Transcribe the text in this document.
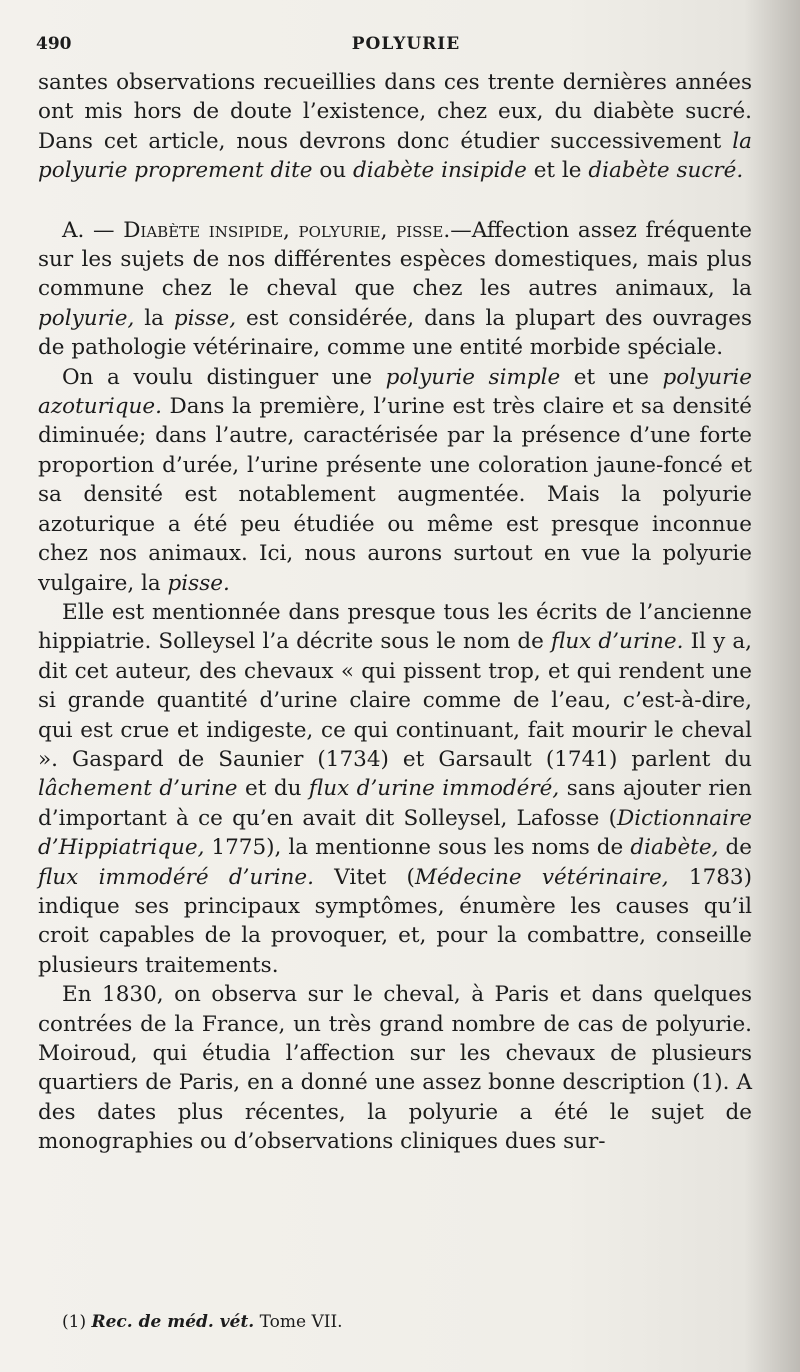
490	POLYURIE

santes observations recueillies dans ces trente dernières années ont mis hors de doute l’existence, chez eux, du diabète sucré. Dans cet article, nous devrons donc étudier successivement la polyurie proprement dite ou diabète insipide et le diabète sucré.

A. — Diabète insipide, polyurie, pisse.—Affection assez fréquente sur les sujets de nos différentes espèces domestiques, mais plus commune chez le cheval que chez les autres animaux, la polyurie, la pisse, est considérée, dans la plupart des ouvrages de pathologie vétérinaire, comme une entité morbide spéciale.

On a voulu distinguer une polyurie simple et une polyurie azoturique. Dans la première, l’urine est très claire et sa densité diminuée; dans l’autre, caractérisée par la présence d’une forte proportion d’urée, l’urine présente une coloration jaune-foncé et sa densité est notablement augmentée. Mais la polyurie azoturique a été peu étudiée ou même est presque inconnue chez nos animaux. Ici, nous aurons surtout en vue la polyurie vulgaire, la pisse.

Elle est mentionnée dans presque tous les écrits de l’ancienne hippiatrie. Solleysel l’a décrite sous le nom de flux d’urine. Il y a, dit cet auteur, des chevaux « qui pissent trop, et qui rendent une si grande quantité d’urine claire comme de l’eau, c’est-à-dire, qui est crue et indigeste, ce qui continuant, fait mourir le cheval ». Gaspard de Saunier (1734) et Garsault (1741) parlent du lâchement d’urine et du flux d’urine immodéré, sans ajouter rien d’important à ce qu’en avait dit Solleysel, Lafosse (Dictionnaire d’Hippiatrique, 1775), la mentionne sous les noms de diabète, de flux immodéré d’urine. Vitet (Médecine vétérinaire, 1783) indique ses principaux symptômes, énumère les causes qu’il croit capables de la provoquer, et, pour la combattre, conseille plusieurs traitements.

En 1830, on observa sur le cheval, à Paris et dans quelques contrées de la France, un très grand nombre de cas de polyurie. Moiroud, qui étudia l’affection sur les chevaux de plusieurs quartiers de Paris, en a donné une assez bonne description (1). A des dates plus récentes, la polyurie a été le sujet de monographies ou d’observations cliniques dues sur-

(1) Rec. de méd. vét. Tome VII.
